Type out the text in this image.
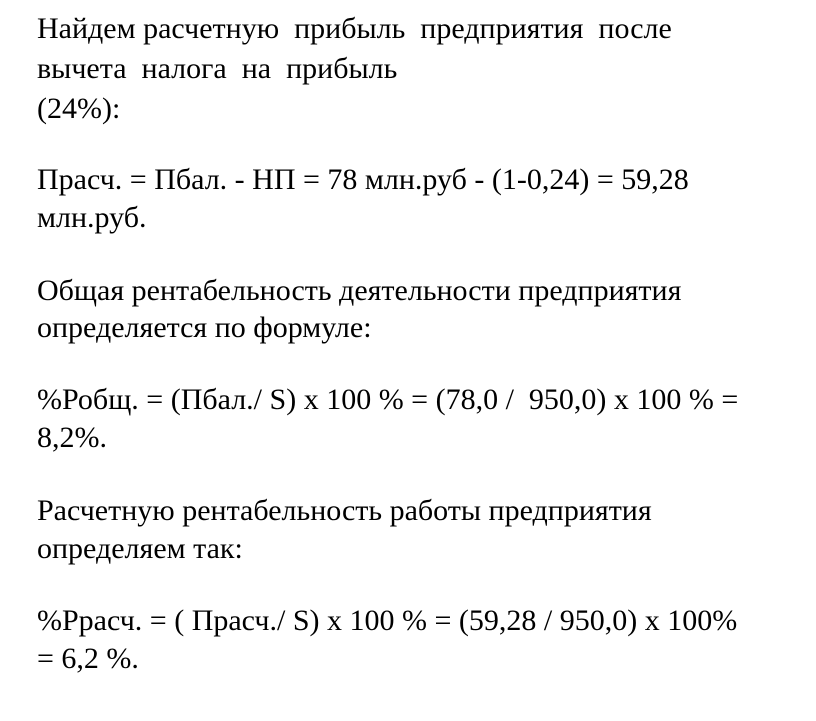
Найдем расчетную  прибыль  предприятия  после

вычета  налога  на  прибыль

(24%):

Прасч. = Пбал. - НП = 78 млн.руб - (1-0,24) = 59,28

млн.руб.

Общая рентабельность деятельности предприятия

определяется по формуле:

%Робщ. = (Пбал./ S) х 100 % = (78,0 /  950,0) х 100 % =

8,2%.

Расчетную рентабельность работы предприятия

определяем так:

%Ррасч. = ( Прасч./ S) х 100 % = (59,28 / 950,0) х 100%

= 6,2 %.
